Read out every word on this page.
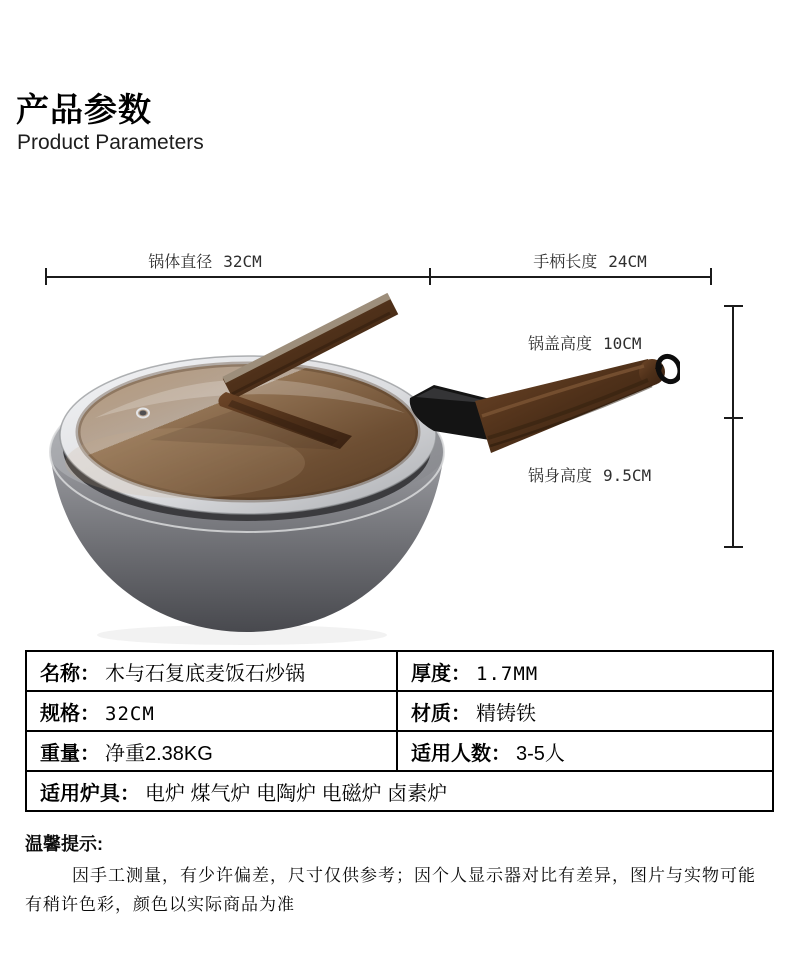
产品参数
Product Parameters
锅体直径 32CM	手柄长度 24CM
锅盖高度 10CM
锅身高度 9.5CM
名称： 木与石复底麦饭石炒锅	厚度： 1.7MM
规格： 32CM	材质： 精铸铁
重量： 净重2.38KG	适用人数： 3-5人
适用炉具： 电炉 煤气炉 电陶炉 电磁炉 卤素炉	
温馨提示:
因手工测量，有少许偏差，尺寸仅供参考；因个人显示器对比有差异，图片与实物可能
有稍许色彩，颜色以实际商品为准
